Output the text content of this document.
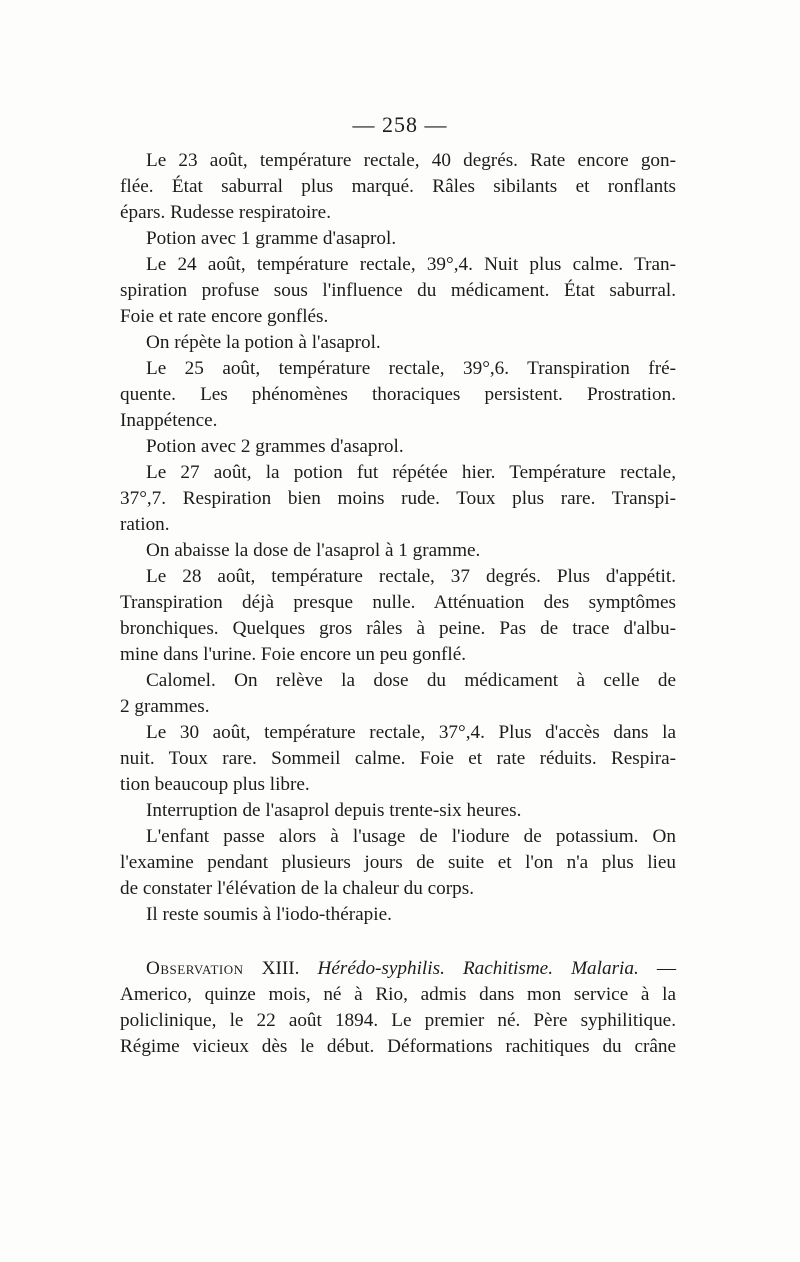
— 258 —
Le 23 août, température rectale, 40 degrés. Rate encore gon-
flée. État saburral plus marqué. Râles sibilants et ronflants
épars. Rudesse respiratoire.
Potion avec 1 gramme d'asaprol.
Le 24 août, température rectale, 39°,4. Nuit plus calme. Tran-
spiration profuse sous l'influence du médicament. État saburral.
Foie et rate encore gonflés.
On répète la potion à l'asaprol.
Le 25 août, température rectale, 39°,6. Transpiration fré-
quente. Les phénomènes thoraciques persistent. Prostration.
Inappétence.
Potion avec 2 grammes d'asaprol.
Le 27 août, la potion fut répétée hier. Température rectale,
37°,7. Respiration bien moins rude. Toux plus rare. Transpi-
ration.
On abaisse la dose de l'asaprol à 1 gramme.
Le 28 août, température rectale, 37 degrés. Plus d'appétit.
Transpiration déjà presque nulle. Atténuation des symptômes
bronchiques. Quelques gros râles à peine. Pas de trace d'albu-
mine dans l'urine. Foie encore un peu gonflé.
Calomel. On relève la dose du médicament à celle de
2 grammes.
Le 30 août, température rectale, 37°,4. Plus d'accès dans la
nuit. Toux rare. Sommeil calme. Foie et rate réduits. Respira-
tion beaucoup plus libre.
Interruption de l'asaprol depuis trente-six heures.
L'enfant passe alors à l'usage de l'iodure de potassium. On
l'examine pendant plusieurs jours de suite et l'on n'a plus lieu
de constater l'élévation de la chaleur du corps.
Il reste soumis à l'iodo-thérapie.
Observation XIII. Hérédo-syphilis. Rachitisme. Malaria. —
Americo, quinze mois, né à Rio, admis dans mon service à la
policlinique, le 22 août 1894. Le premier né. Père syphilitique.
Régime vicieux dès le début. Déformations rachitiques du crâne
